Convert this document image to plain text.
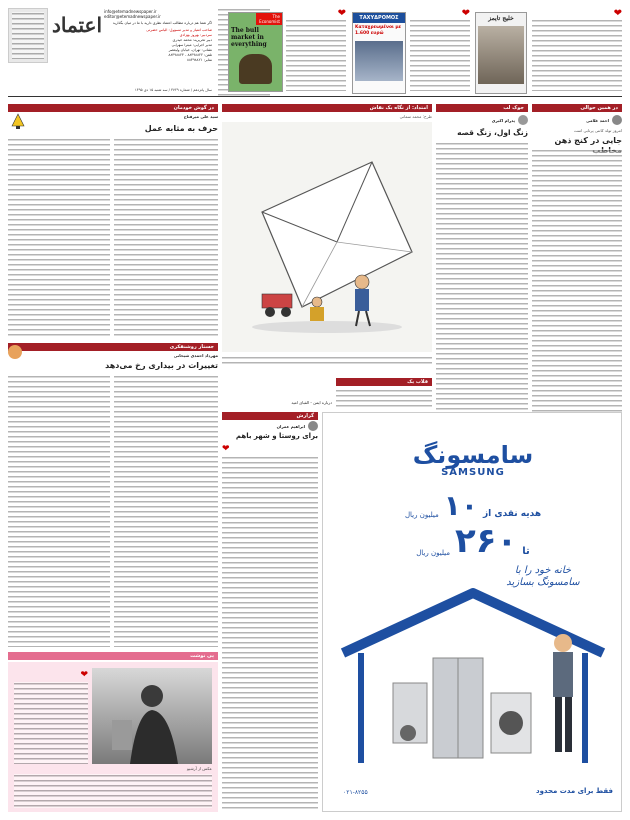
اعتماد
info@etemadnewspaper.ir
editor@etemadnewspaper.ir
اگر شما هم درباره مطالب اعتماد نظری دارید با ما در میان بگذارید
صاحب امتیاز و مدیر مسوول: الیاس حضرتی
سردبیر: بهروز بهزادی
دبیر تحریریه: محمد حیدری
مدیر اجرایی: میترا سهرابی
نشانی: تهران، خیابان ولیعصر
تلفن: ۸۸۳۹۸۸۲۲ - ۸۸۳۹۸۸۲۳
نمابر: ۸۸۳۹۸۸۲۱
سال پانزدهم / شماره ۳۷۲۹ / سه شنبه ۱۵ دی ۱۳۹۵
The Economist
The bull market in everything
❤	ΤΑΧΥΔΡΟΜΟΣ
Καταχρεωμένοι με 1.600 ευρώ
❤	خلیج تایمز	❤
در همین حوالی
احمد غلامی
امروز تولد کانتی پرتابی است
جایی در کنج ذهن
جوک لب
پدرام اکبری
زنگ اول، زنگ قصه
امتداد: از نگاه یک نقاش
طرح: محمد سمانی
قلاب یک
درباره ایمن - الفبای امید
در گوش خودمان
سید علی میرفتاح
حرف به مثابه عمل
جستار روشنفکری
مهرداد احمدی شیخانی
تغییرات در بیداری رخ می‌دهد
گزارش
ابراهیم عمران
برای روستا و شهر باهم
❤	سامسونگ
SAMSUNG
هدیه نقدی از
۱۰
میلیون ریال
تا
۲۶۰
میلیون ریال
خانه خود را با سامسونگ بسازید
۰۲۱-۸۲۵۵	فقط برای مدت محدود
پی نوشت
❤
عکس از آرشیو
